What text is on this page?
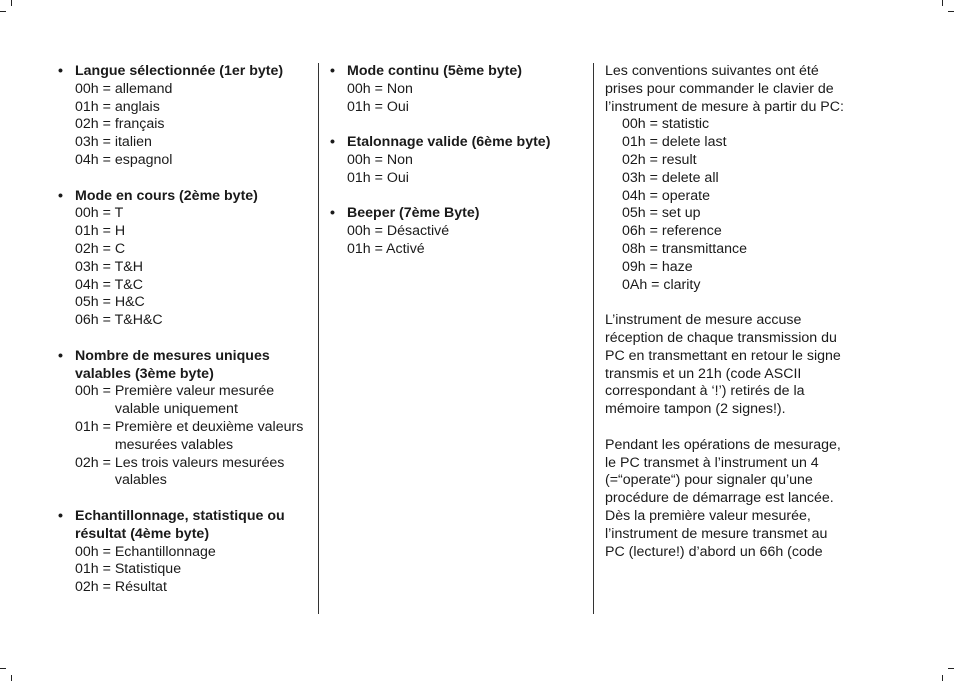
• Langue sélectionnée (1er byte)
00h = allemand
01h = anglais
02h = français
03h = italien
04h = espagnol
• Mode en cours (2ème byte)
00h = T
01h = H
02h = C
03h = T&H
04h = T&C
05h = H&C
06h = T&H&C
• Nombre de mesures uniques valables (3ème byte)
00h = Première valeur mesurée valable uniquement
01h = Première et deuxième valeurs mesurées valables
02h = Les trois valeurs mesurées valables
• Echantillonnage, statistique ou résultat (4ème byte)
00h = Echantillonnage
01h = Statistique
02h = Résultat
• Mode continu (5ème byte)
00h = Non
01h = Oui
• Etalonnage valide (6ème byte)
00h = Non
01h = Oui
• Beeper (7ème Byte)
00h = Désactivé
01h = Activé
Les conventions suivantes ont été prises pour commander le clavier de l’instrument de mesure à partir du PC:
00h = statistic
01h = delete last
02h = result
03h = delete all
04h = operate
05h = set up
06h = reference
08h = transmittance
09h = haze
0Ah = clarity
L’instrument de mesure accuse réception de chaque transmission du PC en transmettant en retour le signe transmis et un 21h (code ASCII correspondant à ‘!’) retirés de la mémoire tampon (2 signes!).
Pendant les opérations de mesurage, le PC transmet à l’instrument un 4 (=“operate“) pour signaler qu’une procédure de démarrage est lancée. Dès la première valeur mesurée, l’instrument de mesure transmet au PC (lecture!) d’abord un 66h (code
